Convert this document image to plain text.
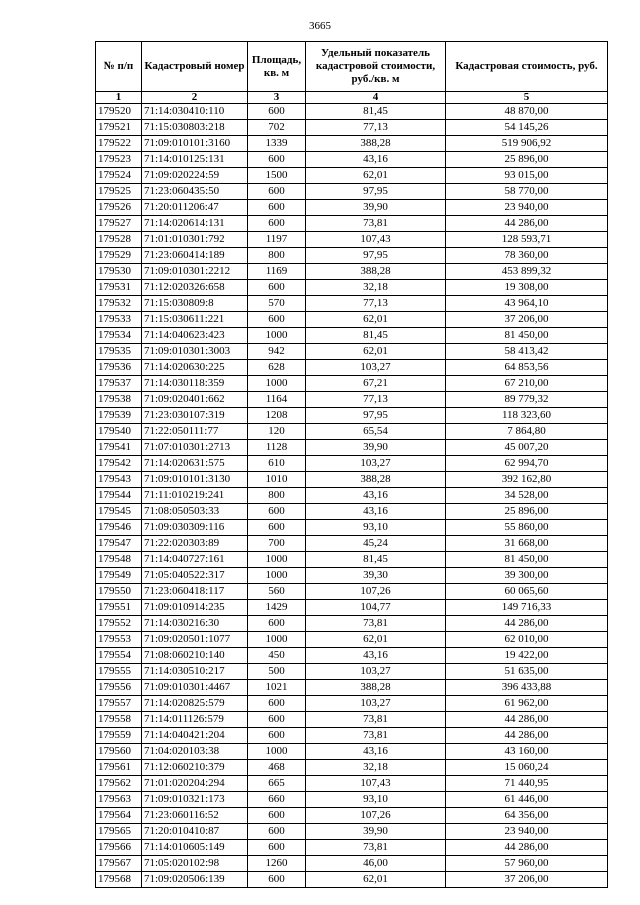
3665
№ п/п	Кадастровый номер	Площадь, кв. м	Удельный показатель кадастровой стоимости, руб./кв. м	Кадастровая стоимость, руб.
1	2	3	4	5
179520	71:14:030410:110	600	81,45	48 870,00
179521	71:15:030803:218	702	77,13	54 145,26
179522	71:09:010101:3160	1339	388,28	519 906,92
179523	71:14:010125:131	600	43,16	25 896,00
179524	71:09:020224:59	1500	62,01	93 015,00
179525	71:23:060435:50	600	97,95	58 770,00
179526	71:20:011206:47	600	39,90	23 940,00
179527	71:14:020614:131	600	73,81	44 286,00
179528	71:01:010301:792	1197	107,43	128 593,71
179529	71:23:060414:189	800	97,95	78 360,00
179530	71:09:010301:2212	1169	388,28	453 899,32
179531	71:12:020326:658	600	32,18	19 308,00
179532	71:15:030809:8	570	77,13	43 964,10
179533	71:15:030611:221	600	62,01	37 206,00
179534	71:14:040623:423	1000	81,45	81 450,00
179535	71:09:010301:3003	942	62,01	58 413,42
179536	71:14:020630:225	628	103,27	64 853,56
179537	71:14:030118:359	1000	67,21	67 210,00
179538	71:09:020401:662	1164	77,13	89 779,32
179539	71:23:030107:319	1208	97,95	118 323,60
179540	71:22:050111:77	120	65,54	7 864,80
179541	71:07:010301:2713	1128	39,90	45 007,20
179542	71:14:020631:575	610	103,27	62 994,70
179543	71:09:010101:3130	1010	388,28	392 162,80
179544	71:11:010219:241	800	43,16	34 528,00
179545	71:08:050503:33	600	43,16	25 896,00
179546	71:09:030309:116	600	93,10	55 860,00
179547	71:22:020303:89	700	45,24	31 668,00
179548	71:14:040727:161	1000	81,45	81 450,00
179549	71:05:040522:317	1000	39,30	39 300,00
179550	71:23:060418:117	560	107,26	60 065,60
179551	71:09:010914:235	1429	104,77	149 716,33
179552	71:14:030216:30	600	73,81	44 286,00
179553	71:09:020501:1077	1000	62,01	62 010,00
179554	71:08:060210:140	450	43,16	19 422,00
179555	71:14:030510:217	500	103,27	51 635,00
179556	71:09:010301:4467	1021	388,28	396 433,88
179557	71:14:020825:579	600	103,27	61 962,00
179558	71:14:011126:579	600	73,81	44 286,00
179559	71:14:040421:204	600	73,81	44 286,00
179560	71:04:020103:38	1000	43,16	43 160,00
179561	71:12:060210:379	468	32,18	15 060,24
179562	71:01:020204:294	665	107,43	71 440,95
179563	71:09:010321:173	660	93,10	61 446,00
179564	71:23:060116:52	600	107,26	64 356,00
179565	71:20:010410:87	600	39,90	23 940,00
179566	71:14:010605:149	600	73,81	44 286,00
179567	71:05:020102:98	1260	46,00	57 960,00
179568	71:09:020506:139	600	62,01	37 206,00
